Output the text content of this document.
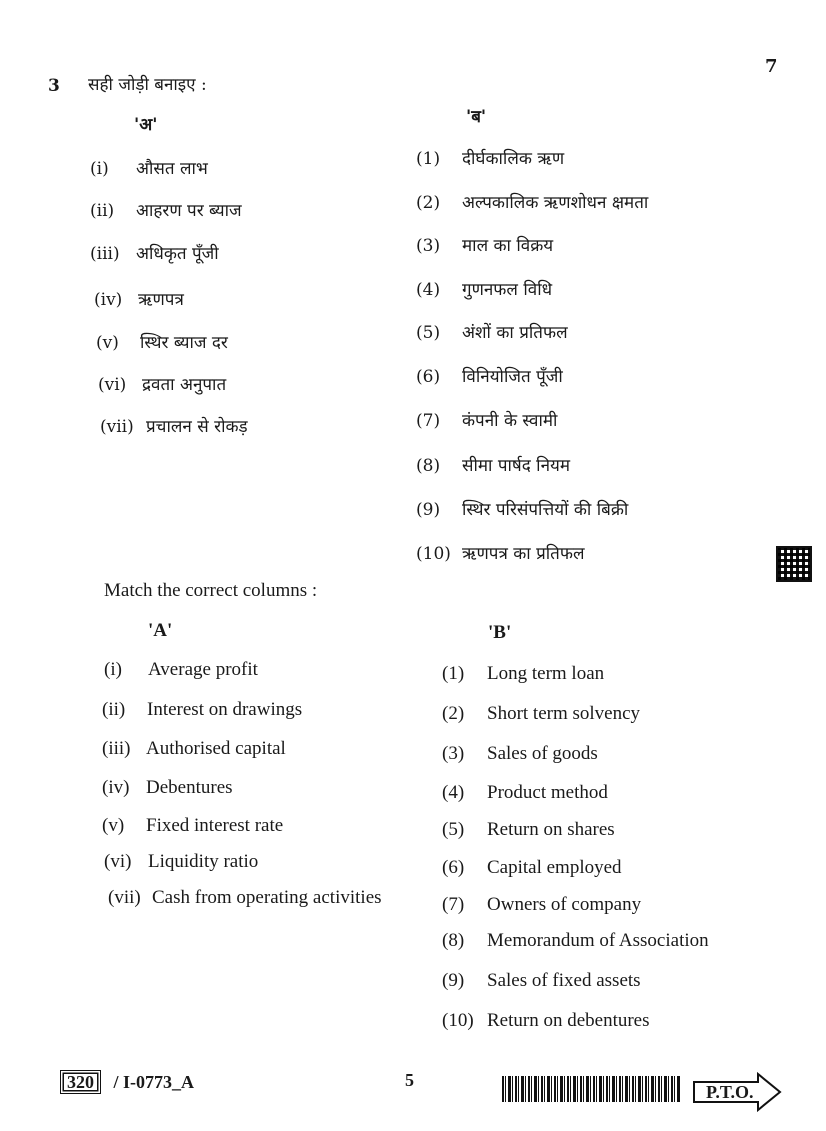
7
3 सही जोड़ी बनाइए :
'अ'	'ब'
(i) औसत लाभ
(ii) आहरण पर ब्याज
(iii) अधिकृत पूँजी
(iv) ऋणपत्र
(v) स्थिर ब्याज दर
(vi) द्रवता अनुपात
(vii) प्रचालन से रोकड़
(1) दीर्घकालिक ऋण
(2) अल्पकालिक ऋणशोधन क्षमता
(3) माल का विक्रय
(4) गुणनफल विधि
(5) अंशों का प्रतिफल
(6) विनियोजित पूँजी
(7) कंपनी के स्वामी
(8) सीमा पार्षद नियम
(9) स्थिर परिसंपत्तियों की बिक्री
(10) ऋणपत्र का प्रतिफल
Match the correct columns :
'A'	'B'
(i) Average profit
(ii) Interest on drawings
(iii) Authorised capital
(iv) Debentures
(v) Fixed interest rate
(vi) Liquidity ratio
(vii) Cash from operating activities
(1) Long term loan
(2) Short term solvency
(3) Sales of goods
(4) Product method
(5) Return on shares
(6) Capital employed
(7) Owners of company
(8) Memorandum of Association
(9) Sales of fixed assets
(10) Return on debentures
320 / I-0773_A	5
P.T.O.
